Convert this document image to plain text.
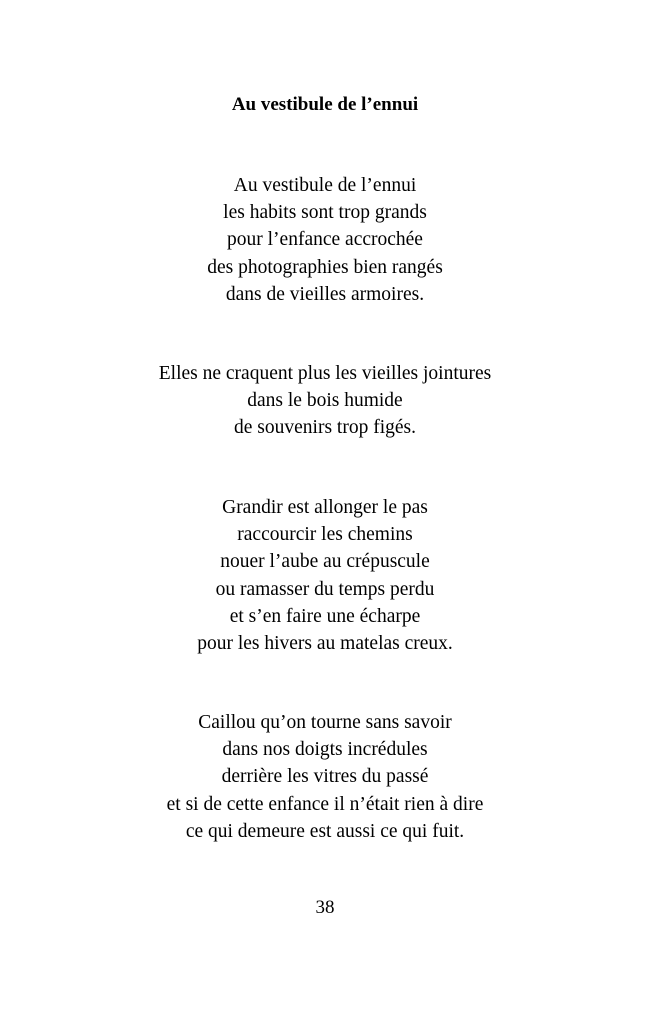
Au vestibule de l’ennui
Au vestibule de l’ennui
les habits sont trop grands
pour l’enfance accrochée
des photographies bien rangés
dans de vieilles armoires.
Elles ne craquent plus les vieilles jointures
dans le bois humide
de souvenirs trop figés.
Grandir est allonger le pas
raccourcir les chemins
nouer l’aube au crépuscule
ou ramasser du temps perdu
et s’en faire une écharpe
pour les hivers au matelas creux.
Caillou qu’on tourne sans savoir
dans nos doigts incrédules
derrière les vitres du passé
et si de cette enfance il n’était rien à dire
ce qui demeure est aussi ce qui fuit.
38
